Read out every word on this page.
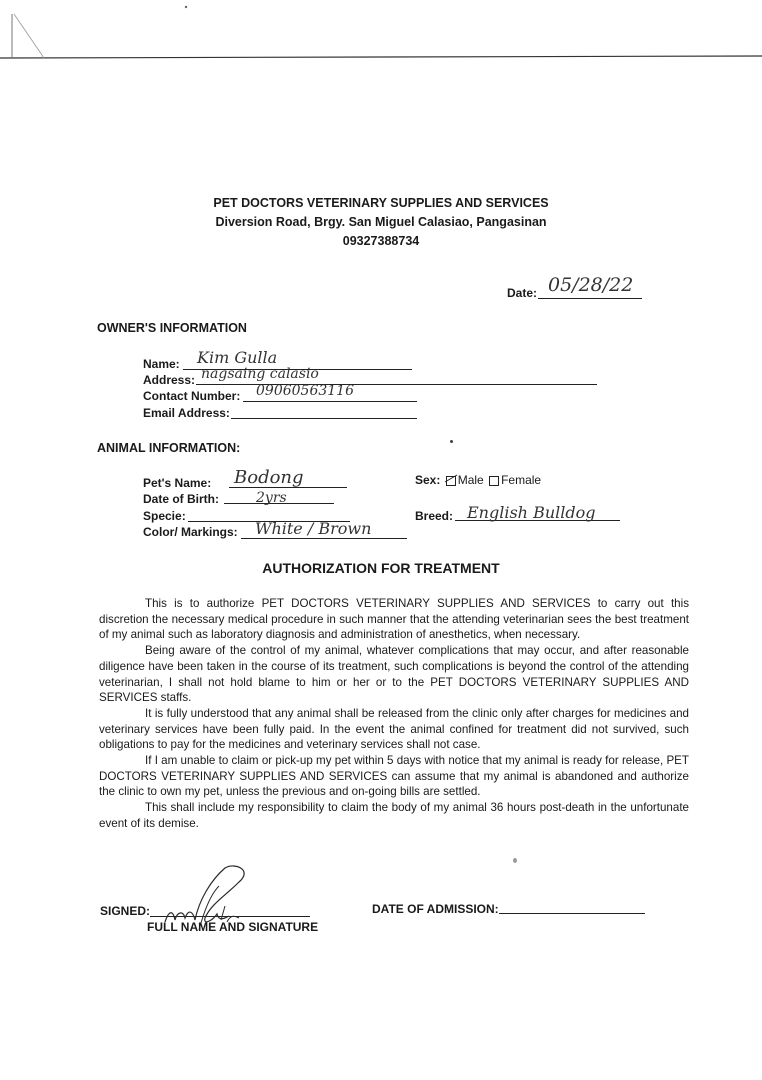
PET DOCTORS VETERINARY SUPPLIES AND SERVICES
Diversion Road, Brgy. San Miguel Calasiao, Pangasinan
09327388734
Date: 05/28/22
OWNER'S INFORMATION
Name: Kim Gulla
Address: nagsaing calasio
Contact Number: 09060563116
Email Address:
ANIMAL INFORMATION:
Pet's Name: Bodong
Date of Birth:	2yrs
Specie:
Color/ Markings: White / Brown
Sex: Male Female
Breed: English Bulldog
AUTHORIZATION FOR TREATMENT

This is to authorize PET DOCTORS VETERINARY SUPPLIES AND SERVICES to carry out this discretion the necessary medical procedure in such manner that the attending veterinarian sees the best treatment of my animal such as laboratory diagnosis and administration of anesthetics, when necessary.

Being aware of the control of my animal, whatever complications that may occur, and after reasonable diligence have been taken in the course of its treatment, such complications is beyond the control of the attending veterinarian, I shall not hold blame to him or her or to the PET DOCTORS VETERINARY SUPPLIES AND SERVICES staffs.

It is fully understood that any animal shall be released from the clinic only after charges for medicines and veterinary services have been fully paid. In the event the animal confined for treatment did not survived, such obligations to pay for the medicines and veterinary services shall not case.

If I am unable to claim or pick-up my pet within 5 days with notice that my animal is ready for release, PET DOCTORS VETERINARY SUPPLIES AND SERVICES can assume that my animal is abandoned and authorize the clinic to own my pet, unless the previous and on-going bills are settled.

This shall include my responsibility to claim the body of my animal 36 hours post-death in the unfortunate event of its demise.

SIGNED:
FULL NAME AND SIGNATURE
DATE OF ADMISSION:
